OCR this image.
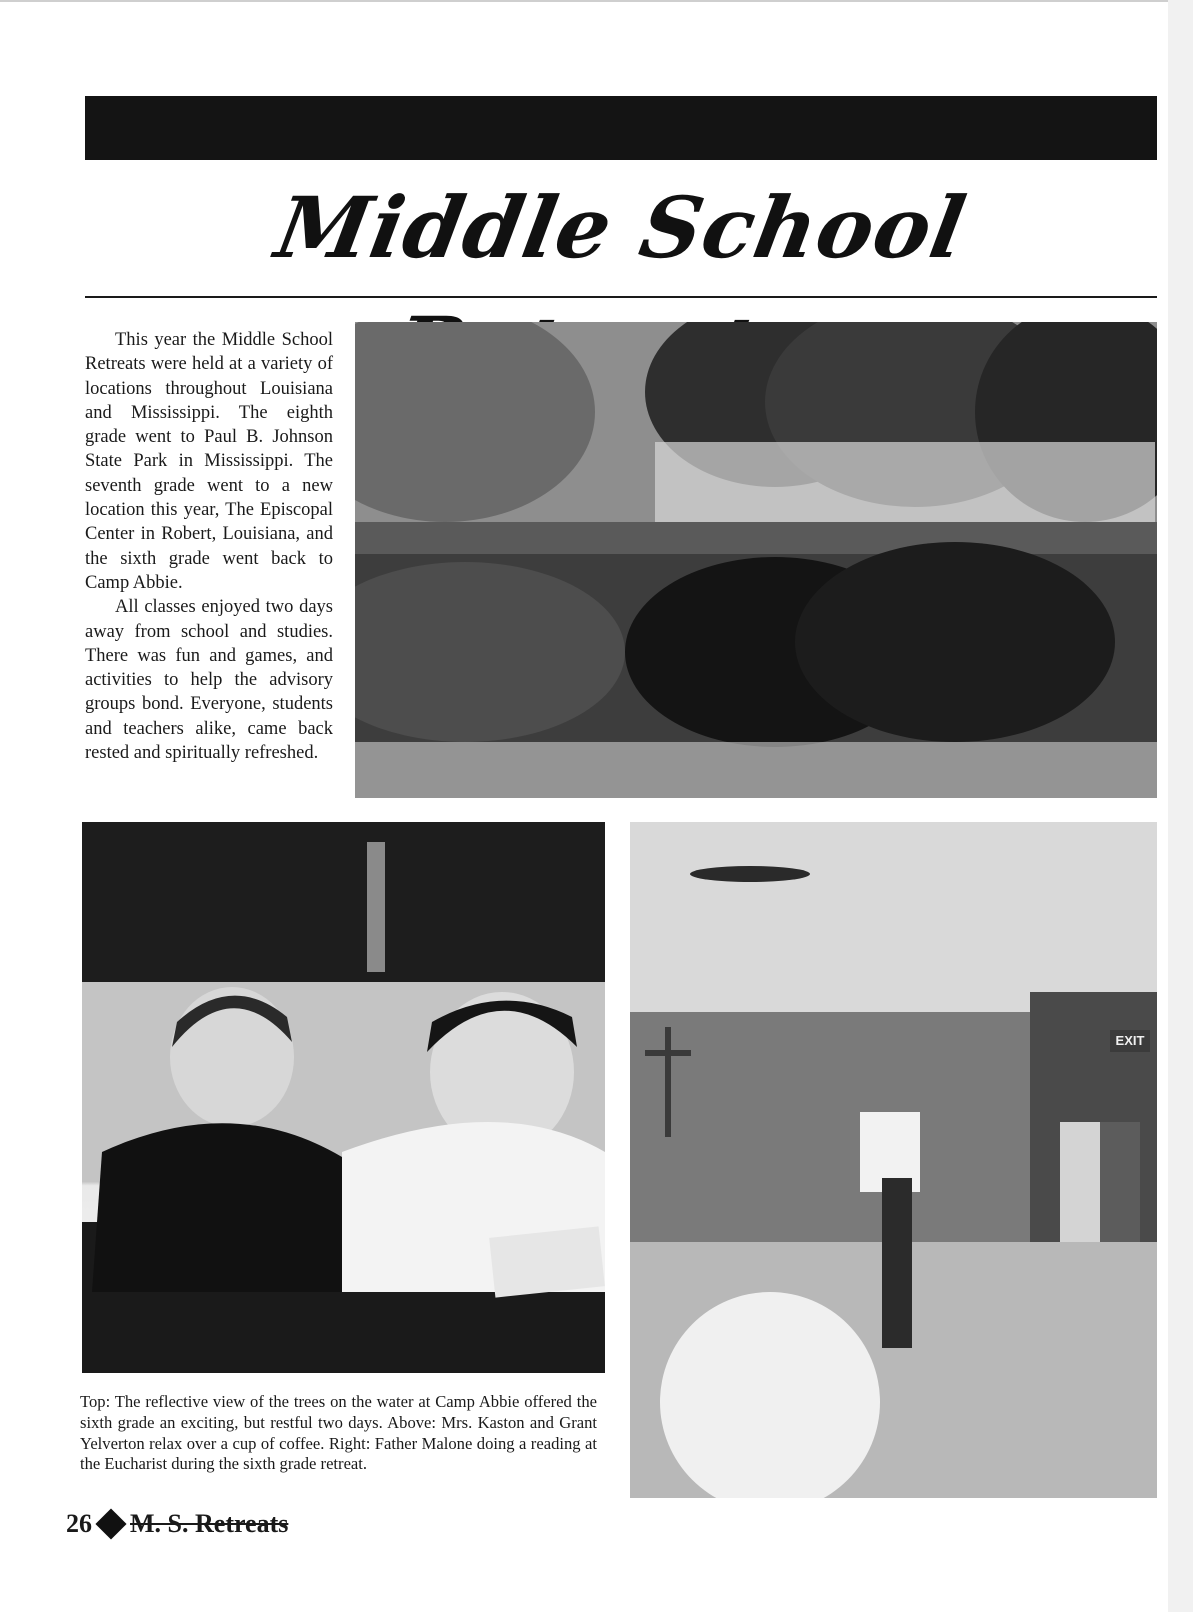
Middle School

This year the Middle School Retreats were held at a variety of locations throughout Louisiana and Mississippi. The eighth grade went to Paul B. Johnson State Park in Mississippi. The seventh grade went to a new location this year, The Episcopal Center in Robert, Louisiana, and the sixth grade went back to Camp Abbie.

All classes enjoyed two days away from school and studies. There was fun and games, and activities to help the advisory groups bond. Everyone, students and teachers alike, came back rested and spiritually refreshed.

EXIT

Top: The reflective view of the trees on the water at Camp Abbie offered the sixth grade an exciting, but restful two days. Above: Mrs. Kaston and Grant Yelverton relax over a cup of coffee. Right: Father Malone doing a reading at the Eucharist during the sixth grade retreat.

26 M. S. Retreats
